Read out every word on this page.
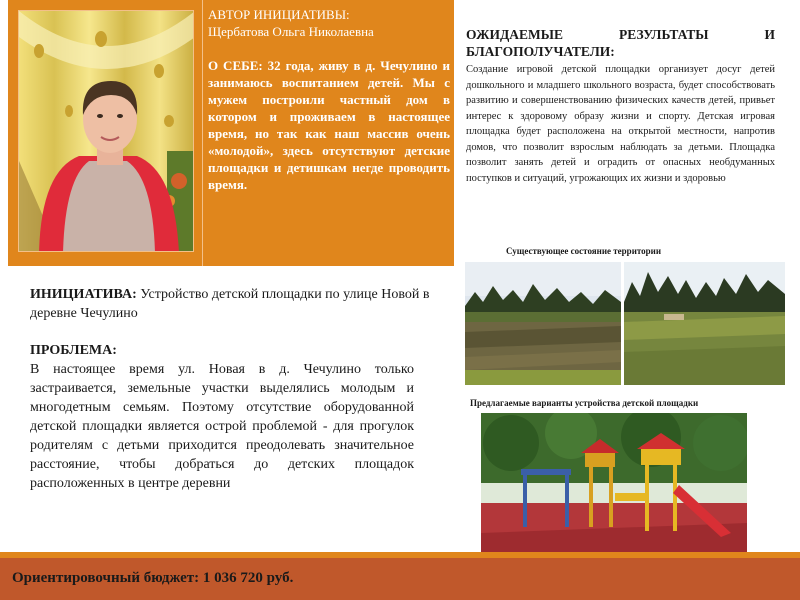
АВТОР ИНИЦИАТИВЫ:

Щербатова Ольга Николаевна

О СЕБЕ: 32 года, живу в д. Чечулино и занимаюсь воспитанием детей. Мы с мужем построили частный дом в котором и проживаем в настоящее время, но так как наш массив очень «молодой», здесь отсутствуют детские площадки и детишкам негде проводить время.

ОЖИДАЕМЫЕ РЕЗУЛЬТАТЫ И
БЛАГОПОЛУЧАТЕЛИ:

Создание игровой детской площадки организует досуг детей дошкольного и младшего школьного возраста, будет способствовать развитию и совершенствованию физических качеств детей, привьет интерес к здоровому образу жизни и спорту. Детская игровая площадка будет расположена на открытой местности, напротив домов, что позволит взрослым наблюдать за детьми. Площадка позволит занять детей и оградить от опасных необдуманных поступков и ситуаций, угрожающих их жизни и здоровью

Существующее состояние территории
ИНИЦИАТИВА: Устройство детской площадки по улице Новой в деревне Чечулино

ПРОБЛЕМА:

В настоящее время ул. Новая в д. Чечулино только застраивается, земельные участки выделялись молодым и многодетным семьям. Поэтому отсутствие оборудованной детской площадки является острой проблемой - для прогулок родителям с детьми приходится преодолевать значительное расстояние, чтобы добраться до детских площадок расположенных в центре деревни

Предлагаемые варианты устройства детской площадки
Ориентировочный бюджет: 1 036 720 руб.
